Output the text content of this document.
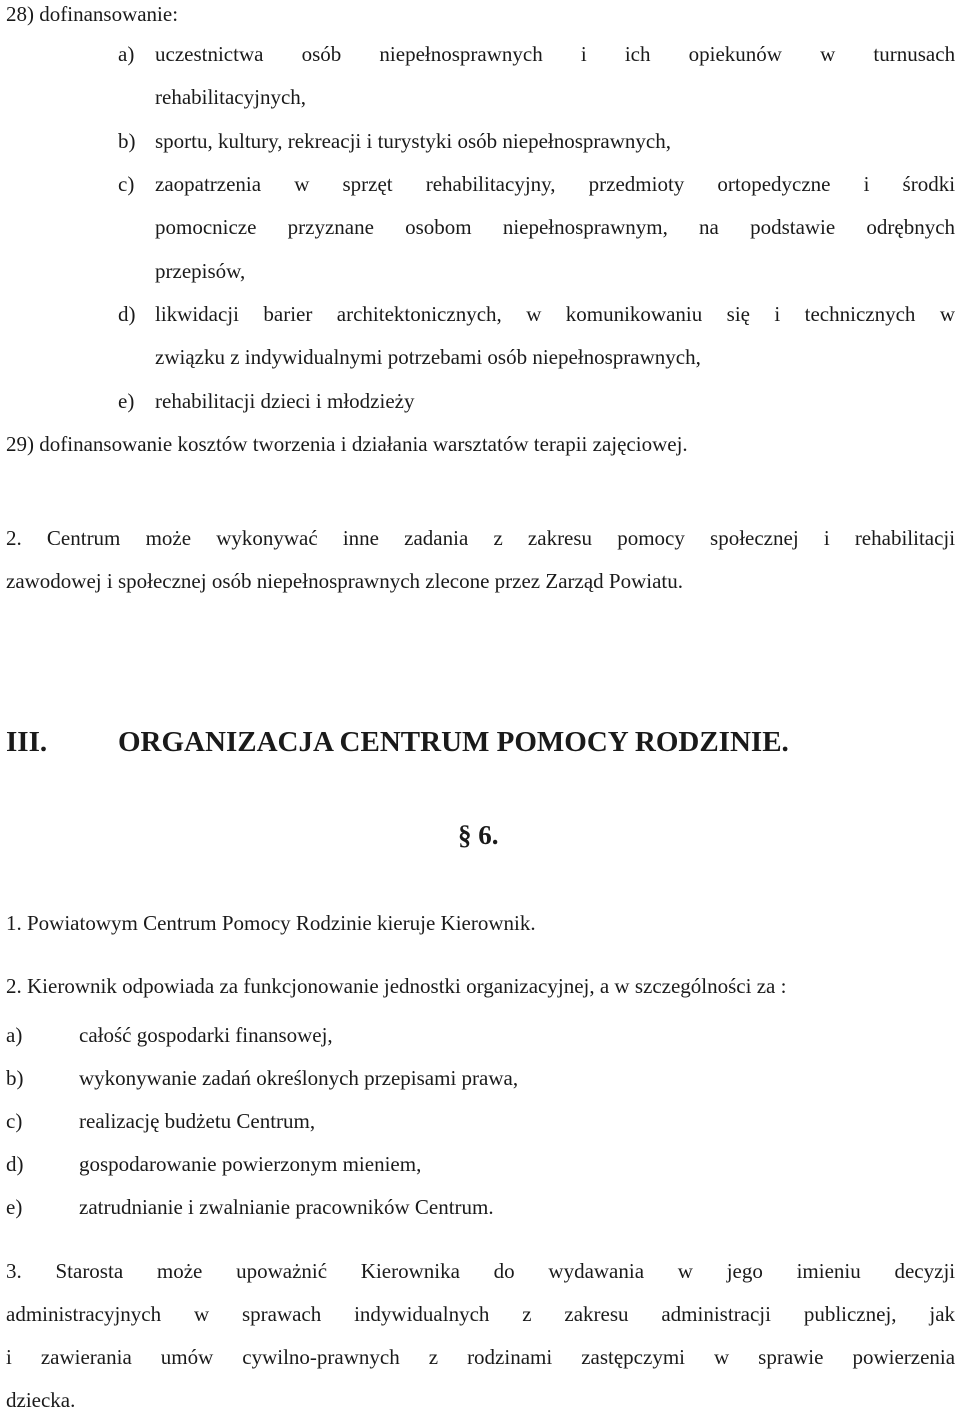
28) dofinansowanie:
a) uczestnictwa osób niepełnosprawnych i ich opiekunów w turnusach
rehabilitacyjnych,
b) sportu, kultury, rekreacji i turystyki osób niepełnosprawnych,
c) zaopatrzenia w sprzęt rehabilitacyjny, przedmioty ortopedyczne i środki
pomocnicze przyznane osobom niepełnosprawnym, na podstawie odrębnych
przepisów,
d) likwidacji barier architektonicznych, w komunikowaniu się i technicznych w
związku z indywidualnymi potrzebami osób niepełnosprawnych,
e) rehabilitacji dzieci i młodzieży
29) dofinansowanie kosztów tworzenia i działania warsztatów terapii zajęciowej.
2. Centrum może wykonywać inne zadania z zakresu pomocy społecznej i rehabilitacji
zawodowej i społecznej osób niepełnosprawnych zlecone przez Zarząd Powiatu.
III. ORGANIZACJA CENTRUM POMOCY RODZINIE.
§ 6.
1. Powiatowym Centrum Pomocy Rodzinie kieruje Kierownik.
2. Kierownik odpowiada za funkcjonowanie jednostki organizacyjnej, a w szczególności za :
a)	całość gospodarki finansowej,
b)	wykonywanie zadań określonych przepisami prawa,
c)	realizację budżetu Centrum,
d)	gospodarowanie powierzonym mieniem,
e)	zatrudnianie i zwalnianie pracowników Centrum.
3. Starosta może upoważnić Kierownika do wydawania w jego imieniu decyzji
administracyjnych w sprawach indywidualnych z zakresu administracji publicznej, jak
i zawierania umów cywilno-prawnych z rodzinami zastępczymi w sprawie powierzenia
dziecka.
